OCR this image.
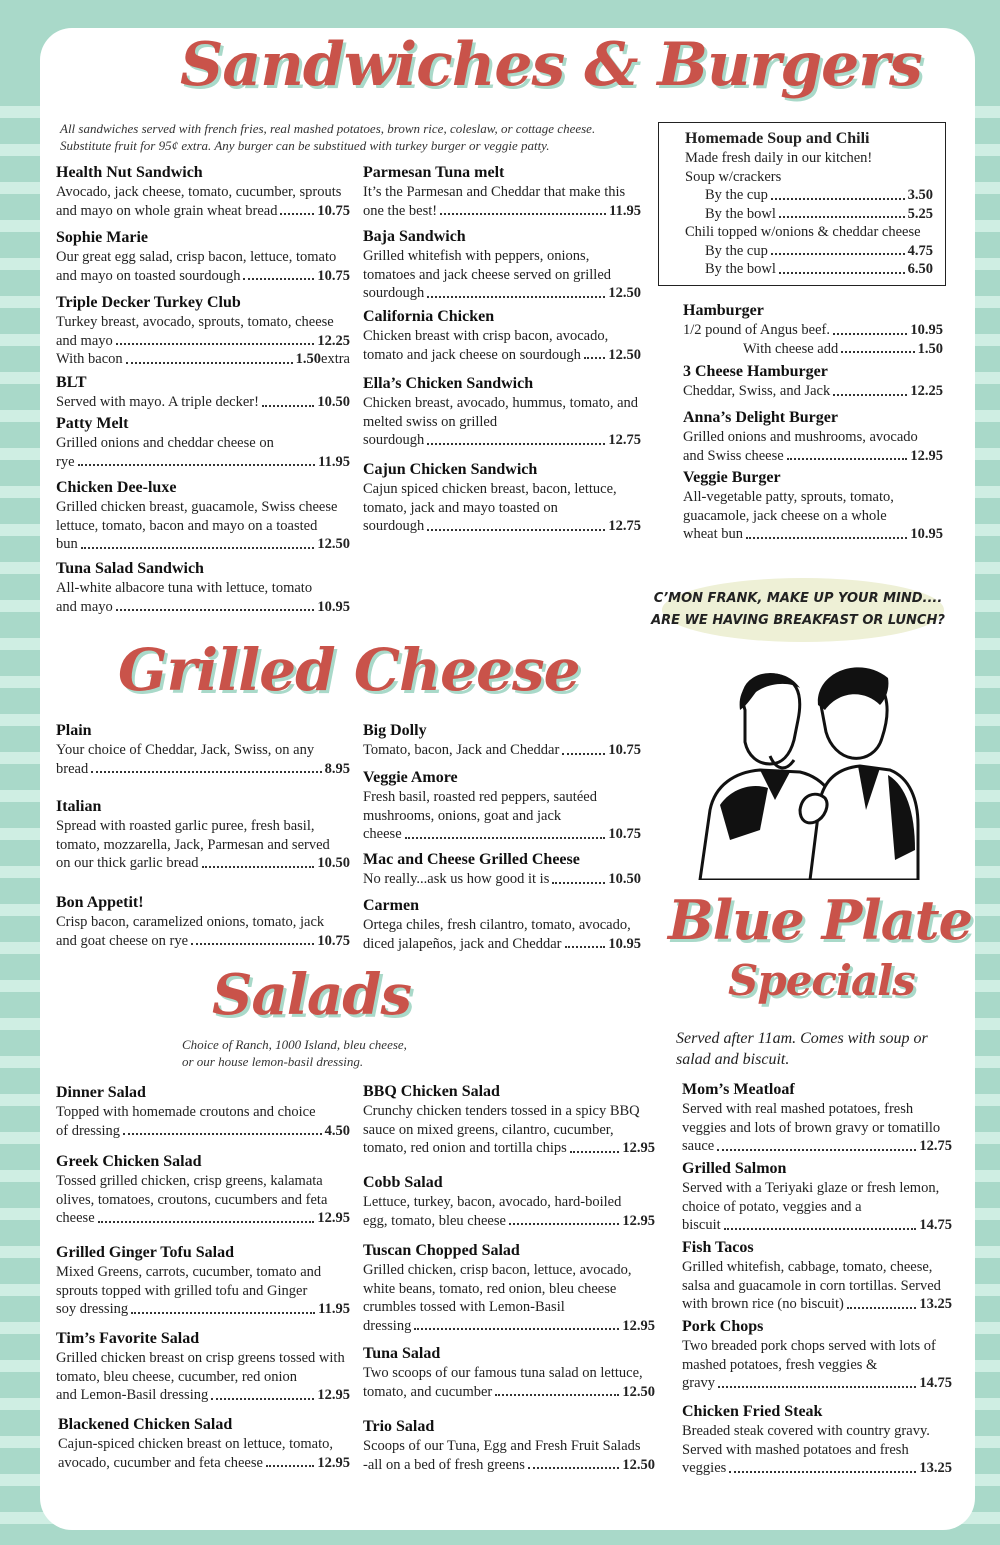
Sandwiches & Burgers
All sandwiches served with french fries, real mashed potatoes, brown rice, coleslaw, or cottage cheese.
Substitute fruit for 95¢ extra. Any burger can be substitued with turkey burger or veggie patty.
Health Nut Sandwich
Avocado, jack cheese, tomato, cucumber, sprouts
and mayo on whole grain wheat bread	10.75
Sophie Marie
Our great egg salad, crisp bacon, lettuce, tomato
and mayo on toasted sourdough	10.75
Triple Decker Turkey Club
Turkey breast, avocado, sprouts, tomato, cheese
and mayo	12.25
With bacon	1.50 extra
BLT
Served with mayo. A triple decker!	10.50
Patty Melt
Grilled onions and cheddar cheese on
rye	11.95
Chicken Dee-luxe
Grilled chicken breast, guacamole, Swiss cheese lettuce, tomato, bacon and mayo on a toasted
bun	12.50
Tuna Salad Sandwich
All-white albacore tuna with lettuce, tomato
and mayo	10.95
Parmesan Tuna melt
It’s the Parmesan and Cheddar that make this
one the best!	11.95
Baja Sandwich
Grilled whitefish with peppers, onions, tomatoes and jack cheese served on grilled
sourdough	12.50
California Chicken
Chicken breast with crisp bacon, avocado,
tomato and jack cheese on sourdough 12.50
Ella’s Chicken Sandwich
Chicken breast, avocado, hummus, tomato, and melted swiss on grilled
sourdough	12.75
Cajun Chicken Sandwich
Cajun spiced chicken breast, bacon, lettuce, tomato, jack and mayo toasted on
sourdough	12.75
Homemade Soup and Chili
Made fresh daily in our kitchen!
Soup w/crackers
By the cup	3.50
By the bowl	5.25
Chili topped w/onions & cheddar cheese
By the cup	4.75
By the bowl	6.50
Hamburger
1/2 pound of Angus beef.	10.95
With cheese add	1.50
3 Cheese Hamburger
Cheddar, Swiss, and Jack	12.25
Anna’s Delight Burger
Grilled onions and mushrooms, avocado
and Swiss cheese	12.95
Veggie Burger
All-vegetable patty, sprouts, tomato, guacamole, jack cheese on a whole
wheat bun	10.95
C’MON FRANK, MAKE UP YOUR MIND....
ARE WE HAVING BREAKFAST OR LUNCH?
Grilled Cheese
Plain
Your choice of Cheddar, Jack, Swiss, on any
bread	8.95
Italian
Spread with roasted garlic puree, fresh basil, tomato, mozzarella, Jack, Parmesan and served
on our thick garlic bread	10.50
Bon Appetit!
Crisp bacon, caramelized onions, tomato, jack
and goat cheese on rye	10.75
Big Dolly
Tomato, bacon, Jack and Cheddar	10.75
Veggie Amore
Fresh basil, roasted red peppers, sautéed mushrooms, onions, goat and jack
cheese	10.75
Mac and Cheese Grilled Cheese
No really...ask us how good it is	10.50
Carmen
Ortega chiles, fresh cilantro, tomato, avocado,
diced jalapeños, jack and Cheddar	10.95 Blue Plate
Specials
Served after 11am. Comes with soup or salad and biscuit.
Salads
Choice of Ranch, 1000 Island, bleu cheese,
or our house lemon-basil dressing.
Dinner Salad
Topped with homemade croutons and choice
of dressing	4.50
Greek Chicken Salad
Tossed grilled chicken, crisp greens, kalamata olives, tomatoes, croutons, cucumbers and feta
cheese	12.95
Grilled Ginger Tofu Salad
Mixed Greens, carrots, cucumber, tomato and sprouts topped with grilled tofu and Ginger
soy dressing	11.95
Tim’s Favorite Salad
Grilled chicken breast on crisp greens tossed with tomato, bleu cheese, cucumber, red onion
and Lemon-Basil dressing	12.95
Blackened Chicken Salad
Cajun-spiced chicken breast on lettuce, tomato,
avocado, cucumber and feta cheese	12.95
BBQ Chicken Salad
Crunchy chicken tenders tossed in a spicy BBQ sauce on mixed greens, cilantro, cucumber,
tomato, red onion and tortilla chips	12.95
Cobb Salad
Lettuce, turkey, bacon, avocado, hard-boiled
egg, tomato, bleu cheese	12.95
Tuscan Chopped Salad
Grilled chicken, crisp bacon, lettuce, avocado, white beans, tomato, red onion, bleu cheese crumbles tossed with Lemon-Basil
dressing	12.95
Tuna Salad
Two scoops of our famous tuna salad on lettuce,
tomato, and cucumber	12.50
Trio Salad
Scoops of our Tuna, Egg and Fresh Fruit Salads
-all on a bed of fresh greens	12.50
Mom’s Meatloaf
Served with real mashed potatoes, fresh veggies and lots of brown gravy or tomatillo
sauce	12.75
Grilled Salmon
Served with a Teriyaki glaze or fresh lemon, choice of potato, veggies and a
biscuit	14.75
Fish Tacos
Grilled whitefish, cabbage, tomato, cheese, salsa and guacamole in corn tortillas. Served
with brown rice (no biscuit)	13.25
Pork Chops
Two breaded pork chops served with lots of mashed potatoes, fresh veggies &
gravy	14.75
Chicken Fried Steak
Breaded steak covered with country gravy. Served with mashed potatoes and fresh
veggies	13.25
